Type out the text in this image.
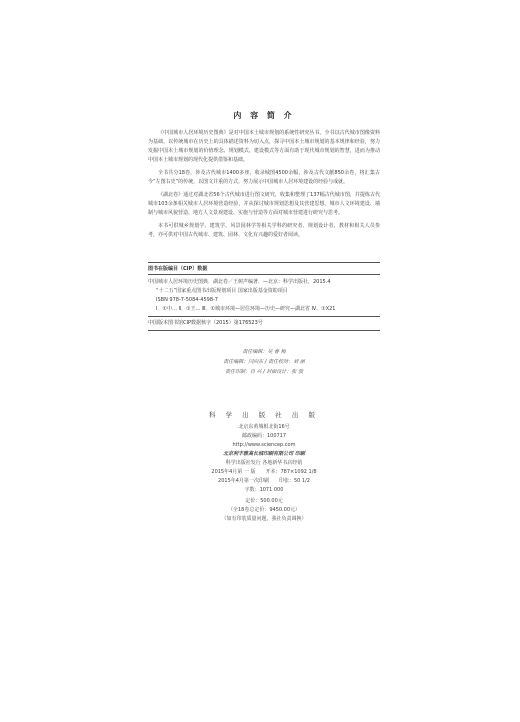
内 容 简 介

《中国城市人居环境历史图典》是对中国本土城市规划的系统性研究丛书。全书以古代城市图像资料为基础，以传统城市在历史上的具体描述资料为切入点，探寻中国本土城市规划的基本规律和经验，努力发掘中国本土城市规划的价值理念、规划模式、建设模式等方面有助于现代城市规划的智慧，进而为推动中国本土城市规划的现代化提供借鉴和基础。

全书共分18卷，涉及古代城市1400多座，收录城图4500余幅，涉及古代文献850余卷，将汇集古今“左图右史”的传统，以图文并重的方式，努力展示中国城市人居环境建设的经验与成就。

《湖北卷》通过对湖北省56个古代城市进行图文研究，收集和整理了137幅古代城市图，并提炼古代城市103余条相关城市人居环境营造经验，并从探讨城市规划思想及其营建思想、城市人文环境建设、墙制与城市风貌营造、地方人文景观建设、实施与营造等方面对城市营建进行研究与思考。

本书可供城乡规划学、建筑学、风景园林学等相关学科的研究者、规划设计者、教材和相关人员参考，亦可供对中国古代城市、建筑、园林、文化有兴趣的爱好者阅读。

图书在版编目（CIP）数据
中国城市人居环境历史图典．湖北卷／王树声编著．—北京：科学出版社，2015.4
“十二五”国家重点图书出版规划项目 国家出版基金资助项目
ISBN 978-7-5084-4598-7
Ⅰ．①中… Ⅱ．①王… Ⅲ．①城市环境—居住环境—历史—研究—湖北省 Ⅳ．①X21
中国版本图书馆CIP数据核字（2015）第176523号
责任编辑：吴 春 梅
责任编辑：闫向东 / 责任校对：刘 丽
责任印制：肖 兴 / 封面设计：张 放
科 学 出 版 社 出 版
北京东黄城根北街16号
邮政编码：100717
http://www.sciencep.com
北京利丰雅高长城印刷有限公司 印刷
科学出版社发行 各地新华书店经销
2015年4月第 一 版 开本：787×1092 1/8
2015年4月第一次印刷 印张：50 1/2
字数：1071 000
定价：500.00元
（全18卷总定价：9450.00元）
（如有印装质量问题，我社负责调换）
